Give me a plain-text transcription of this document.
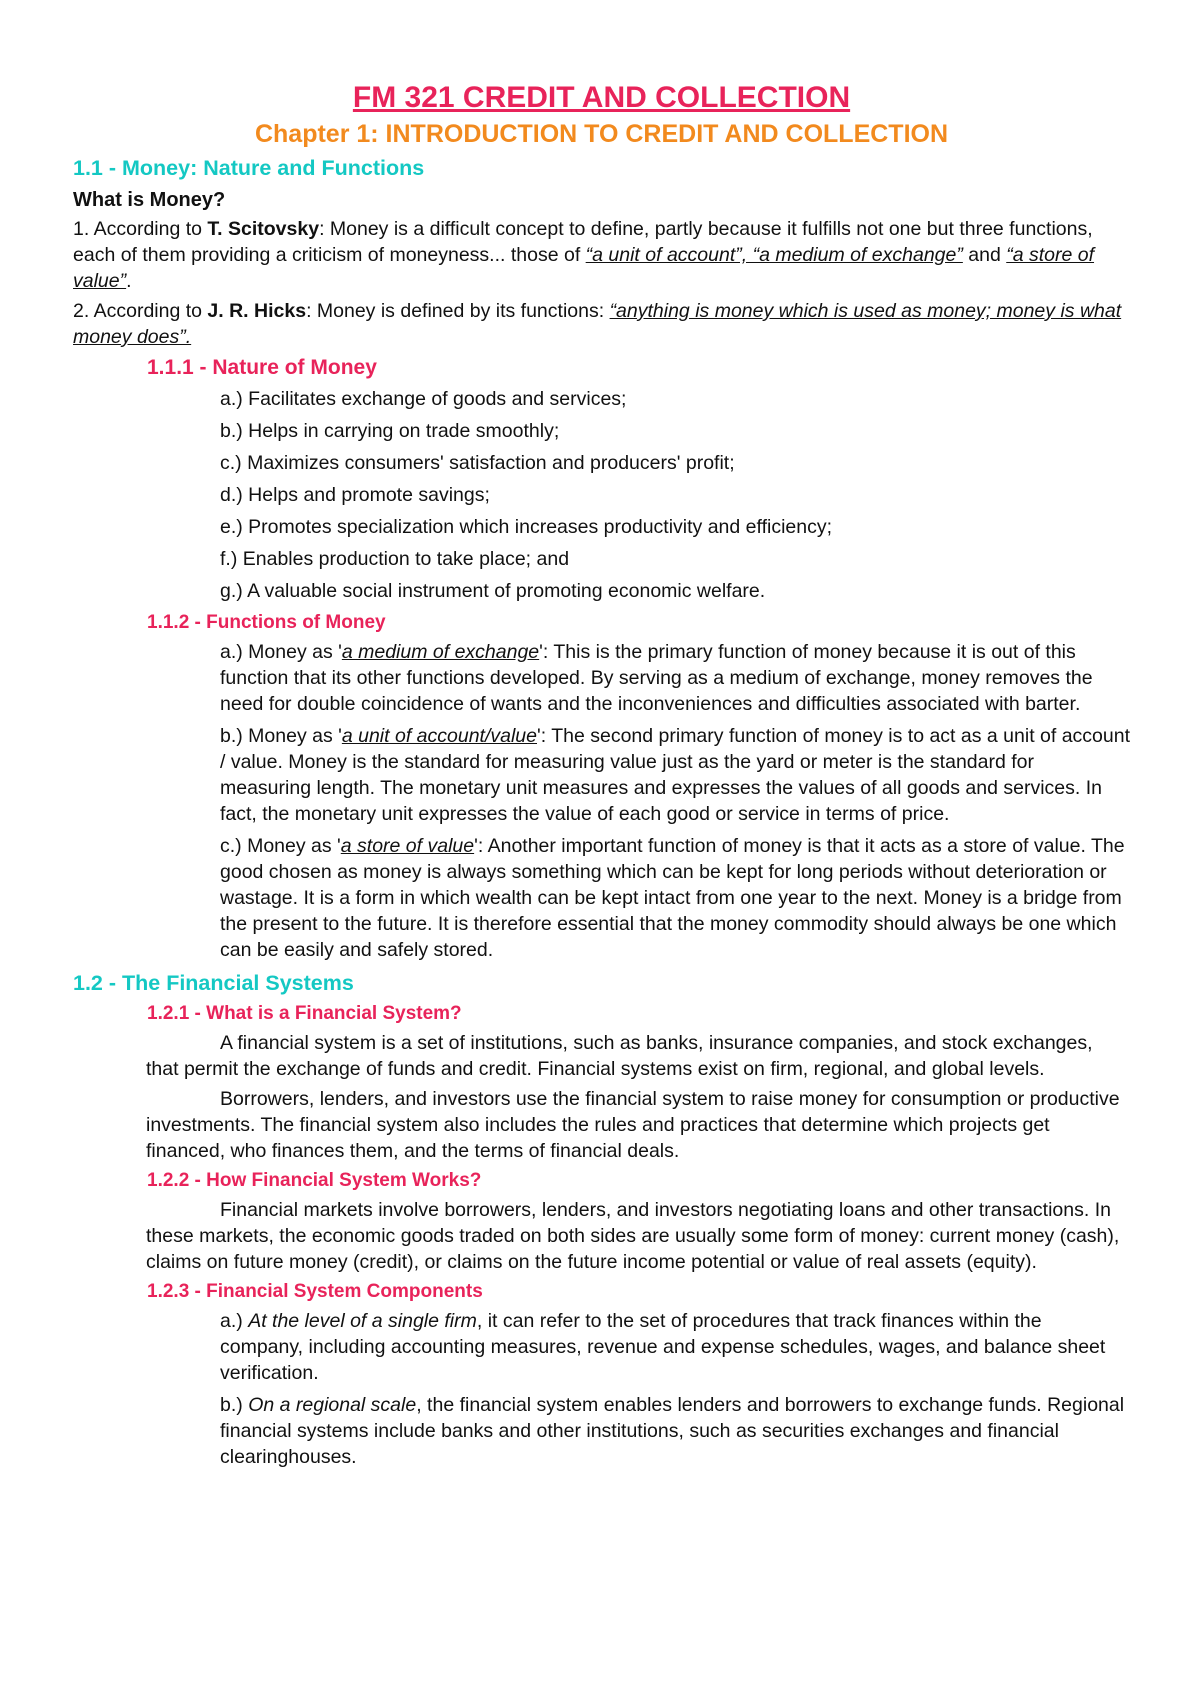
FM 321 CREDIT AND COLLECTION
Chapter 1: INTRODUCTION TO CREDIT AND COLLECTION
1.1 - Money: Nature and Functions
What is Money?

1. According to T. Scitovsky: Money is a difficult concept to define, partly because it fulfills not one but three functions, each of them providing a criticism of moneyness... those of “a unit of account”, “a medium of exchange” and “a store of value”.

2. According to J. R. Hicks: Money is defined by its functions: “anything is money which is used as money; money is what money does”.

1.1.1 - Nature of Money
a.) Facilitates exchange of goods and services;
b.) Helps in carrying on trade smoothly;
c.) Maximizes consumers' satisfaction and producers' profit;
d.) Helps and promote savings;
e.) Promotes specialization which increases productivity and efficiency;
f.) Enables production to take place; and
g.) A valuable social instrument of promoting economic welfare.
1.1.2 - Functions of Money
a.) Money as 'a medium of exchange': This is the primary function of money because it is out of this function that its other functions developed. By serving as a medium of exchange, money removes the need for double coincidence of wants and the inconveniences and difficulties associated with barter.
b.) Money as 'a unit of account/value': The second primary function of money is to act as a unit of account / value. Money is the standard for measuring value just as the yard or meter is the standard for measuring length. The monetary unit measures and expresses the values of all goods and services. In fact, the monetary unit expresses the value of each good or service in terms of price.
c.) Money as 'a store of value': Another important function of money is that it acts as a store of value. The good chosen as money is always something which can be kept for long periods without deterioration or wastage. It is a form in which wealth can be kept intact from one year to the next. Money is a bridge from the present to the future. It is therefore essential that the money commodity should always be one which can be easily and safely stored.
1.2 - The Financial Systems
1.2.1 - What is a Financial System?
A financial system is a set of institutions, such as banks, insurance companies, and stock exchanges, that permit the exchange of funds and credit. Financial systems exist on firm, regional, and global levels.
Borrowers, lenders, and investors use the financial system to raise money for consumption or productive investments. The financial system also includes the rules and practices that determine which projects get financed, who finances them, and the terms of financial deals.
1.2.2 - How Financial System Works?
Financial markets involve borrowers, lenders, and investors negotiating loans and other transactions. In these markets, the economic goods traded on both sides are usually some form of money: current money (cash), claims on future money (credit), or claims on the future income potential or value of real assets (equity).
1.2.3 - Financial System Components
a.) At the level of a single firm, it can refer to the set of procedures that track finances within the company, including accounting measures, revenue and expense schedules, wages, and balance sheet verification.
b.) On a regional scale, the financial system enables lenders and borrowers to exchange funds. Regional financial systems include banks and other institutions, such as securities exchanges and financial clearinghouses.
